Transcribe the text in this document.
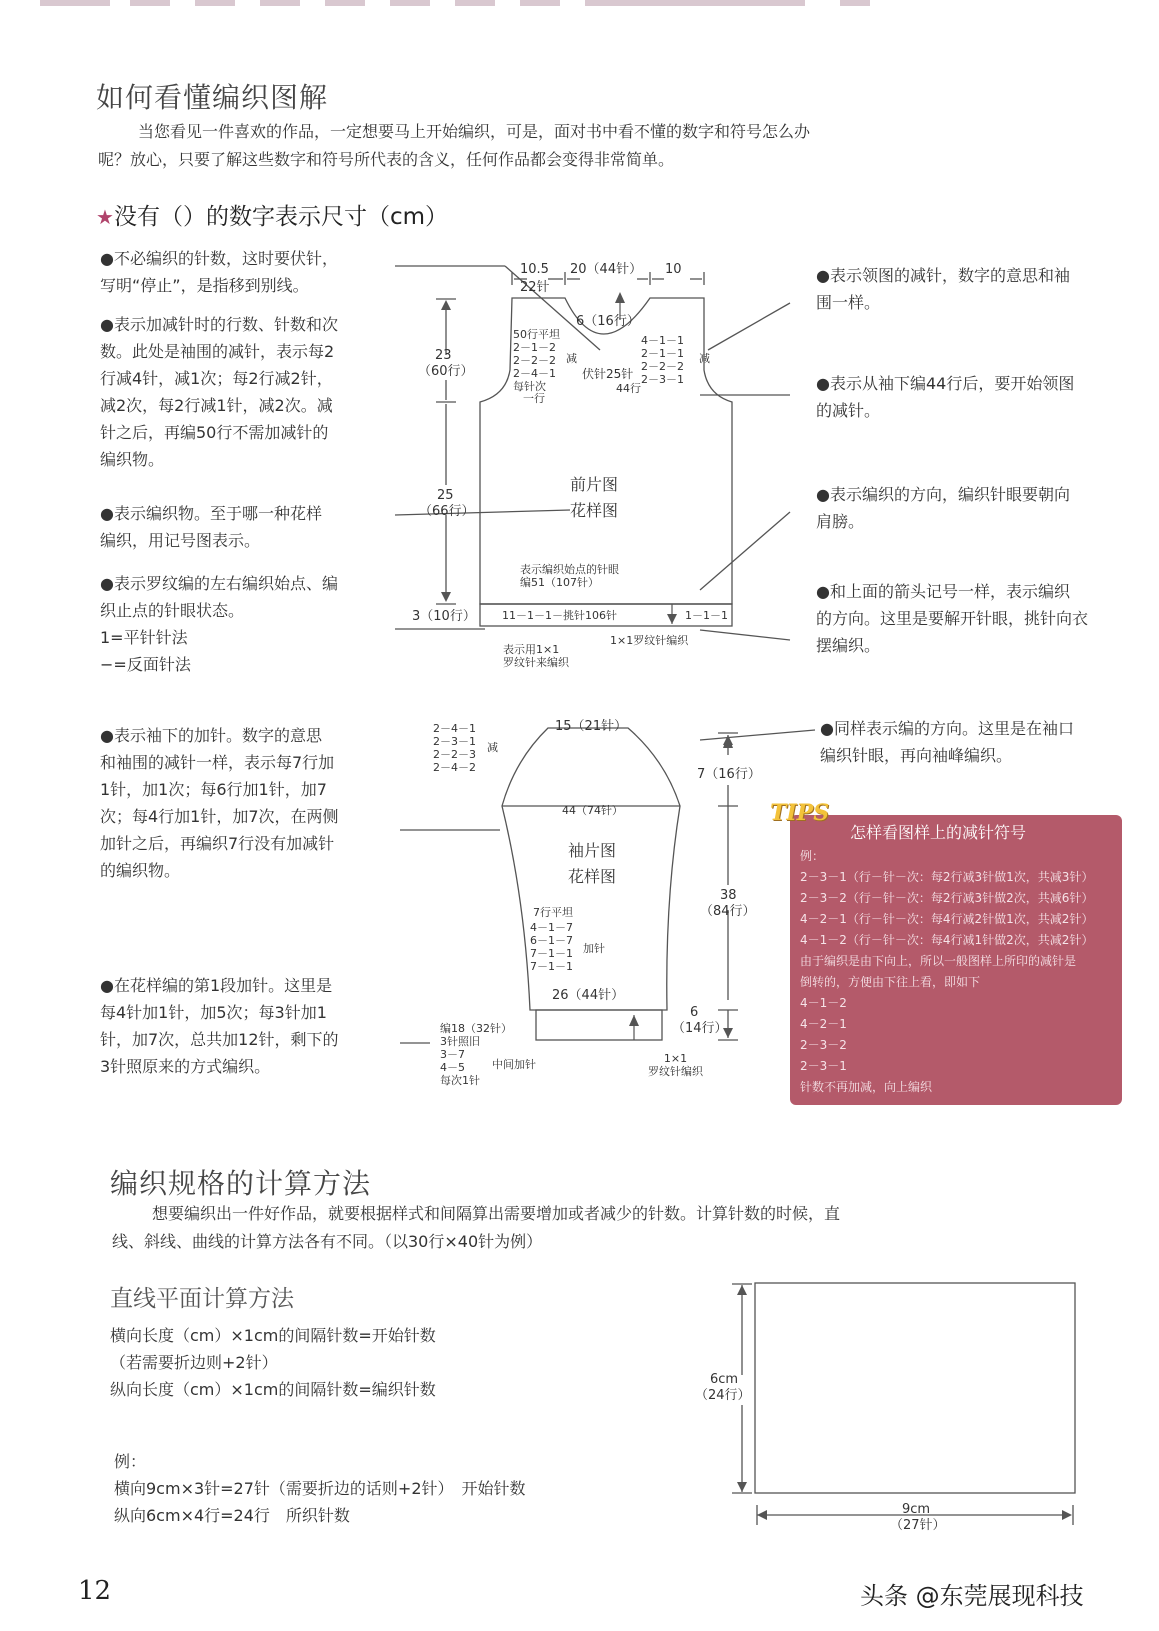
如何看懂编织图解
当您看见一件喜欢的作品，一定想要马上开始编织，可是，面对书中看不懂的数字和符号怎么办
呢？放心，只要了解这些数字和符号所代表的含义，任何作品都会变得非常简单。
★没有（）的数字表示尺寸（cm）
●不必编织的针数，这时要伏针，
写明“停止”，是指移到别线。
●表示加减针时的行数、针数和次
数。此处是袖围的减针，表示每2
行减4针，减1次；每2行减2针，
减2次，每2行减1针，减2次。减
针之后，再编50行不需加减针的
编织物。
●表示编织物。至于哪一种花样
编织，用记号图表示。
●表示罗纹编的左右编织始点、编
织止点的针眼状态。
1=平针针法
−=反面针法
●表示袖下的加针。数字的意思
和袖围的减针一样，表示每7行加
1针，加1次；每6行加1针，加7
次；每4行加1针，加7次，在两侧
加针之后，再编织7行没有加减针
的编织物。
●在花样编的第1段加针。这里是
每4针加1针，加5次；每3针加1
针，加7次，总共加12针，剩下的
3针照原来的方式编织。
●表示领图的减针，数字的意思和袖
围一样。
●表示从袖下编44行后，要开始领图
的减针。
●表示编织的方向，编织针眼要朝向
肩膀。
●和上面的箭头记号一样，表示编织
的方向。这里是要解开针眼，挑针向衣
摆编织。
●同样表示编的方向。这里是在袖口
编织针眼，再向袖峰编织。
10.5
22针
20（44针） 10
6（16行）
50行平坦
2－1－2
2－2－2
2－4－1
每针次
减
一行
4－1－1
2－1－1
2－2－2
2－3－1
减
伏针25针
44行
23
（60行）
25
（66行）
3（10行）
前片图
花样图
表示编织始点的针眼
编51（107针）
11－1－1－挑针106针	1－1－1
1×1罗纹针编织
表示用1×1
罗纹针来编织
2－4－1
2－3－1
2－2－3
2－4－2
减
15（21针）
7（16行）
44（74针）
袖片图
花样图
7行平坦
4－1－7
6－1－7
7－1－1
7－1－1
加针
38
（84行）
26（44针）
6
（14行）
1×1
罗纹针编织
编18（32针）
3针照旧
3－7
4－5
每次1针
中间加针
TIPS
怎样看图样上的减针符号
例：
2－3－1（行－针－次：每2行减3针做1次，共减3针）
2－3－2（行－针－次：每2行减3针做2次，共减6针）
4－2－1（行－针－次：每4行减2针做1次，共减2针）
4－1－2（行－针－次：每4行减1针做2次，共减2针）
由于编织是由下向上，所以一般图样上所印的减针是
倒转的，方便由下往上看，即如下
4－1－2
4－2－1
2－3－2
2－3－1
针数不再加减，向上编织
编织规格的计算方法
想要编织出一件好作品，就要根据样式和间隔算出需要增加或者减少的针数。计算针数的时候，直
线、斜线、曲线的计算方法各有不同。（以30行×40针为例）
直线平面计算方法
横向长度（cm）×1cm的间隔针数=开始针数
（若需要折边则+2针）
纵向长度（cm）×1cm的间隔针数=编织针数
例：
横向9cm×3针=27针（需要折边的话则+2针）　开始针数
纵向6cm×4行=24行　所织针数
6cm
（24行）
9cm
（27针）
12	头条 @东莞展现科技
